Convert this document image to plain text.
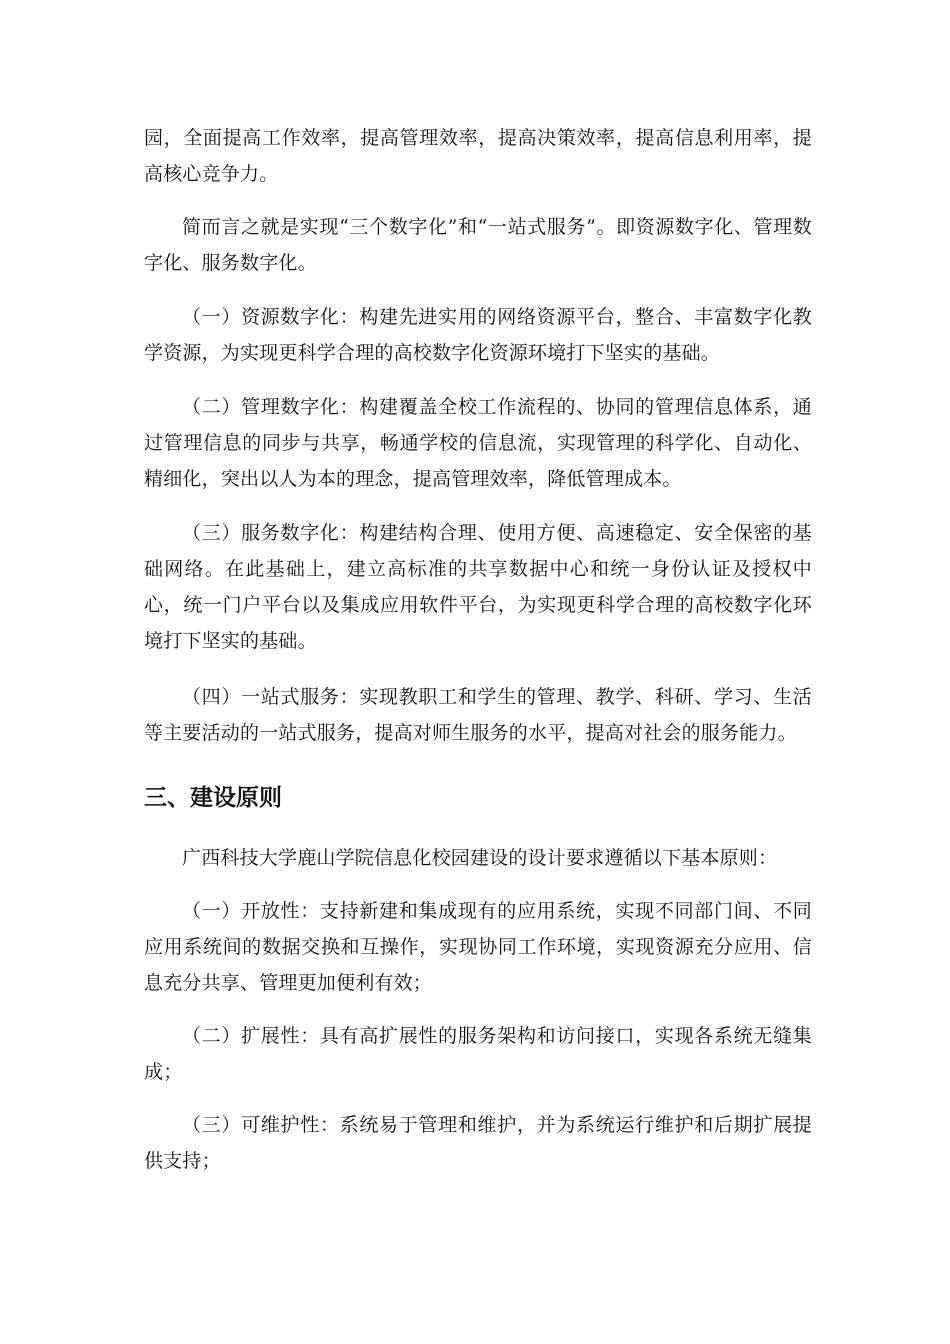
园，全面提高工作效率，提高管理效率，提高决策效率，提高信息利用率，提高核心竞争力。

简而言之就是实现“三个数字化”和“一站式服务”。即资源数字化、管理数字化、服务数字化。

（一）资源数字化：构建先进实用的网络资源平台，整合、丰富数字化教学资源，为实现更科学合理的高校数字化资源环境打下坚实的基础。

（二）管理数字化：构建覆盖全校工作流程的、协同的管理信息体系，通过管理信息的同步与共享，畅通学校的信息流，实现管理的科学化、自动化、精细化，突出以人为本的理念，提高管理效率，降低管理成本。

（三）服务数字化：构建结构合理、使用方便、高速稳定、安全保密的基础网络。在此基础上，建立高标准的共享数据中心和统一身份认证及授权中心，统一门户平台以及集成应用软件平台，为实现更科学合理的高校数字化环境打下坚实的基础。

（四）一站式服务：实现教职工和学生的管理、教学、科研、学习、生活等主要活动的一站式服务，提高对师生服务的水平，提高对社会的服务能力。

三、建设原则

广西科技大学鹿山学院信息化校园建设的设计要求遵循以下基本原则：

（一）开放性：支持新建和集成现有的应用系统，实现不同部门间、不同应用系统间的数据交换和互操作，实现协同工作环境，实现资源充分应用、信息充分共享、管理更加便利有效；

（二）扩展性：具有高扩展性的服务架构和访问接口，实现各系统无缝集成；

（三）可维护性：系统易于管理和维护，并为系统运行维护和后期扩展提供支持；
